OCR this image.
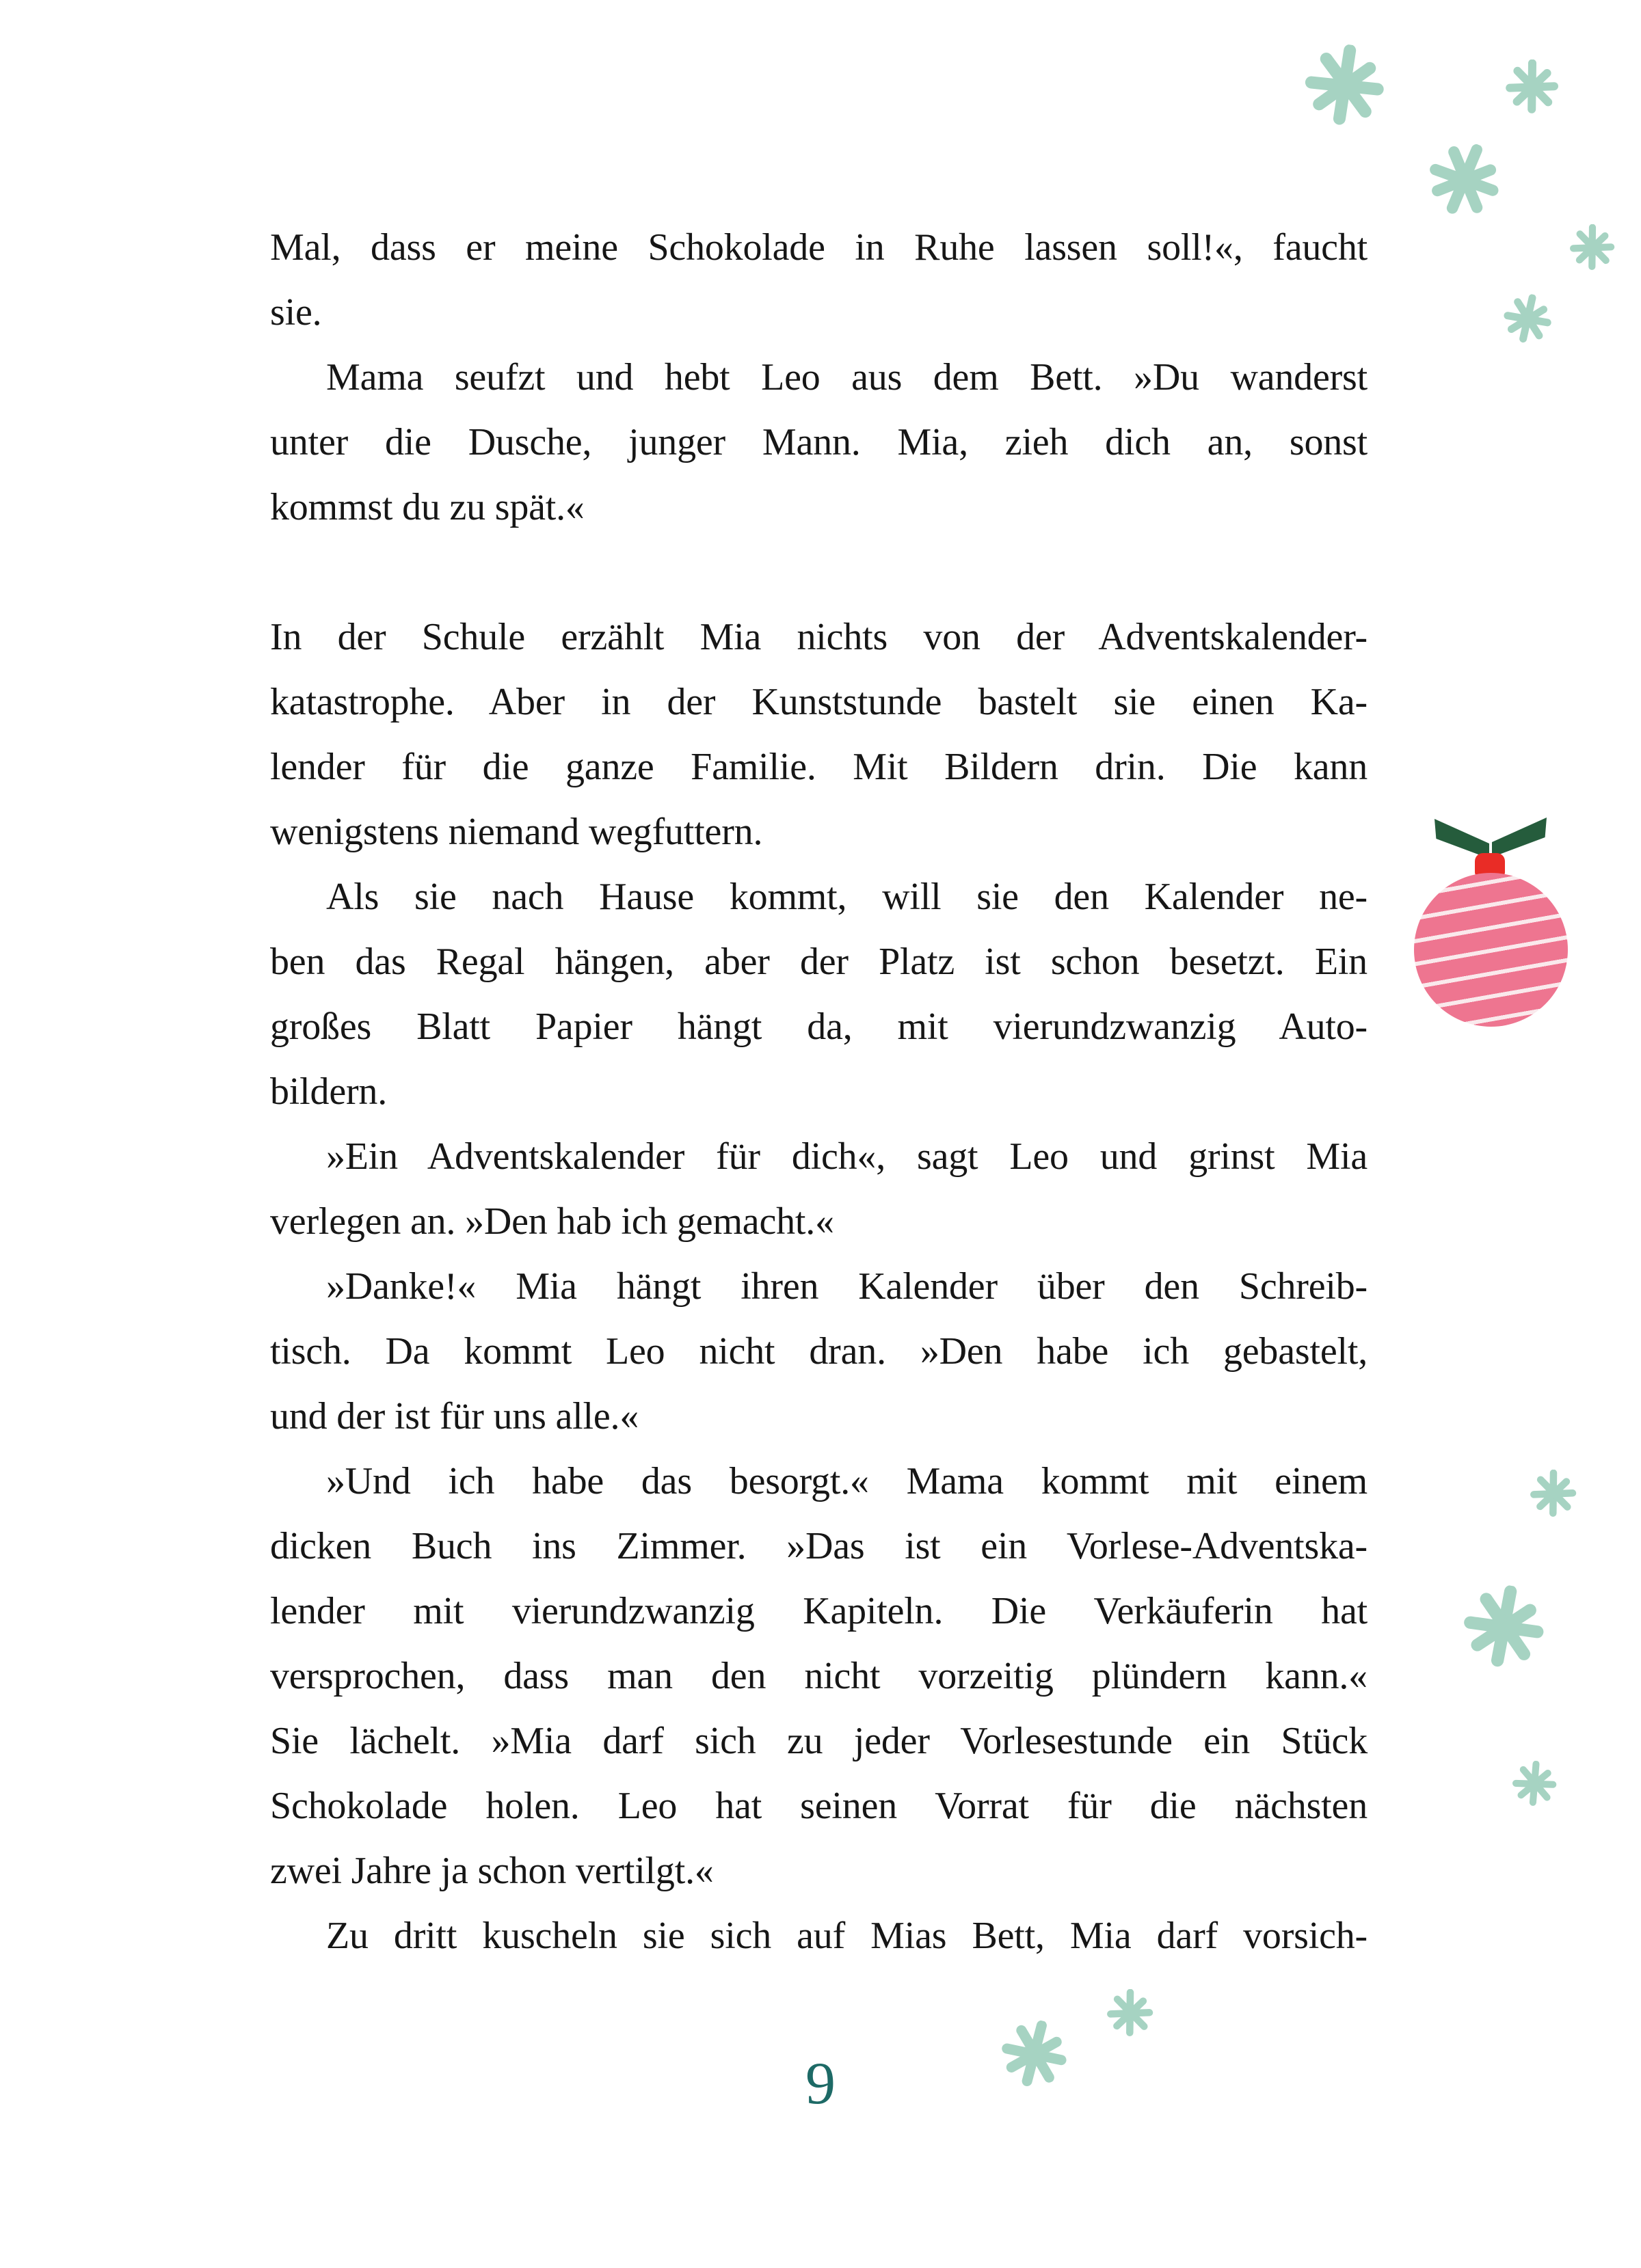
Mal, dass er meine Schokolade in Ruhe lassen soll!«, faucht
sie.
Mama seufzt und hebt Leo aus dem Bett. »Du wanderst
unter die Dusche, junger Mann. Mia, zieh dich an, sonst
kommst du zu spät.«
In der Schule erzählt Mia nichts von der Adventskalender-
katastrophe. Aber in der Kunststunde bastelt sie einen Ka-
lender für die ganze Familie. Mit Bildern drin. Die kann
wenigstens niemand wegfuttern.
Als sie nach Hause kommt, will sie den Kalender ne-
ben das Regal hängen, aber der Platz ist schon besetzt. Ein
großes Blatt Papier hängt da, mit vierundzwanzig Auto-
bildern.
»Ein Adventskalender für dich«, sagt Leo und grinst Mia
verlegen an. »Den hab ich gemacht.«
»Danke!« Mia hängt ihren Kalender über den Schreib-
tisch. Da kommt Leo nicht dran. »Den habe ich gebastelt,
und der ist für uns alle.«
»Und ich habe das besorgt.« Mama kommt mit einem
dicken Buch ins Zimmer. »Das ist ein Vorlese-Adventska-
lender mit vierundzwanzig Kapiteln. Die Verkäuferin hat
versprochen, dass man den nicht vorzeitig plündern kann.«
Sie lächelt. »Mia darf sich zu jeder Vorlesestunde ein Stück
Schokolade holen. Leo hat seinen Vorrat für die nächsten
zwei Jahre ja schon vertilgt.«
Zu dritt kuscheln sie sich auf Mias Bett, Mia darf vorsich-
9
